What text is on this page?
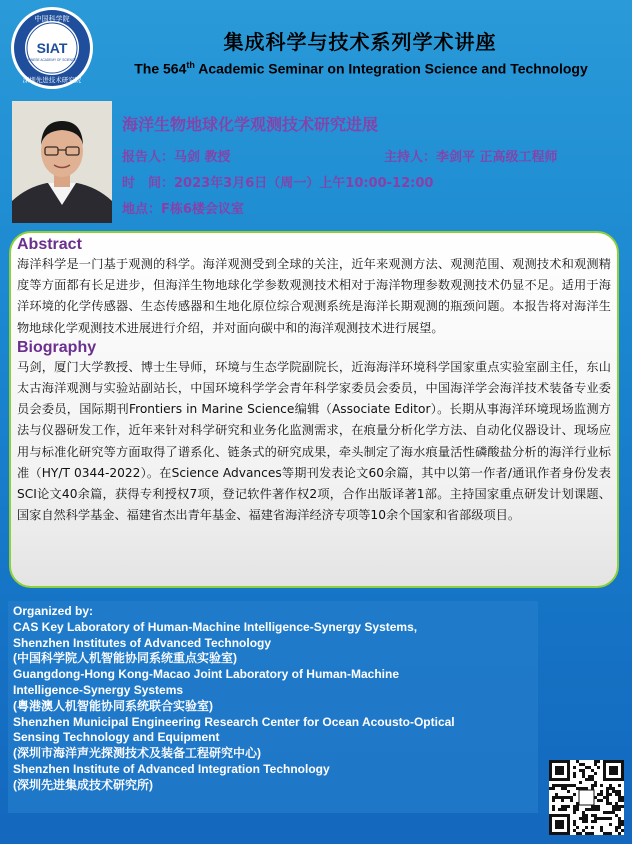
中国科学院
SIAT
CHINESE ACADEMY OF SCIENCES
深圳先进技术研究院
集成科学与技术系列学术讲座
The 564th Academic Seminar on Integration Science and Technology
海洋生物地球化学观测技术研究进展
报告人：马剑 教授	主持人：李剑平 正高级工程师
时　间：2023年3月6日（周一）上午10:00-12:00
地点：F栋6楼会议室

Abstract

海洋科学是一门基于观测的科学。海洋观测受到全球的关注，近年来观测方法、观测范围、观测技术和观测精度等方面都有长足进步，但海洋生物地球化学参数观测技术相对于海洋物理参数观测技术仍显不足。适用于海洋环境的化学传感器、生态传感器和生地化原位综合观测系统是海洋长期观测的瓶颈问题。本报告将对海洋生物地球化学观测技术进展进行介绍，并对面向碳中和的海洋观测技术进行展望。

Biography

马剑，厦门大学教授、博士生导师，环境与生态学院副院长，近海海洋环境科学国家重点实验室副主任，东山太古海洋观测与实验站副站长，中国环境科学学会青年科学家委员会委员，中国海洋学会海洋技术装备专业委员会委员，国际期刊Frontiers in Marine Science编辑（Associate Editor）。长期从事海洋环境现场监测方法与仪器研发工作，近年来针对科学研究和业务化监测需求，在痕量分析化学方法、自动化仪器设计、现场应用与标准化研究等方面取得了谱系化、链条式的研究成果，牵头制定了海水痕量活性磷酸盐分析的海洋行业标准（HY/T 0344-2022）。在Science Advances等期刊发表论文60余篇，其中以第一作者/通讯作者身份发表SCI论文40余篇，获得专利授权7项，登记软件著作权2项，合作出版译著1部。主持国家重点研发计划课题、国家自然科学基金、福建省杰出青年基金、福建省海洋经济专项等10余个国家和省部级项目。

Organized by:
CAS Key Laboratory of Human-Machine Intelligence-Synergy Systems,
Shenzhen Institutes of Advanced Technology
(中国科学院人机智能协同系统重点实验室)
Guangdong-Hong Kong-Macao Joint Laboratory of Human-Machine
Intelligence-Synergy Systems
(粤港澳人机智能协同系统联合实验室)
Shenzhen Municipal Engineering Research Center for Ocean Acousto-Optical
Sensing Technology and Equipment
(深圳市海洋声光探测技术及装备工程研究中心)
Shenzhen Institute of Advanced Integration Technology
(深圳先进集成技术研究所)
